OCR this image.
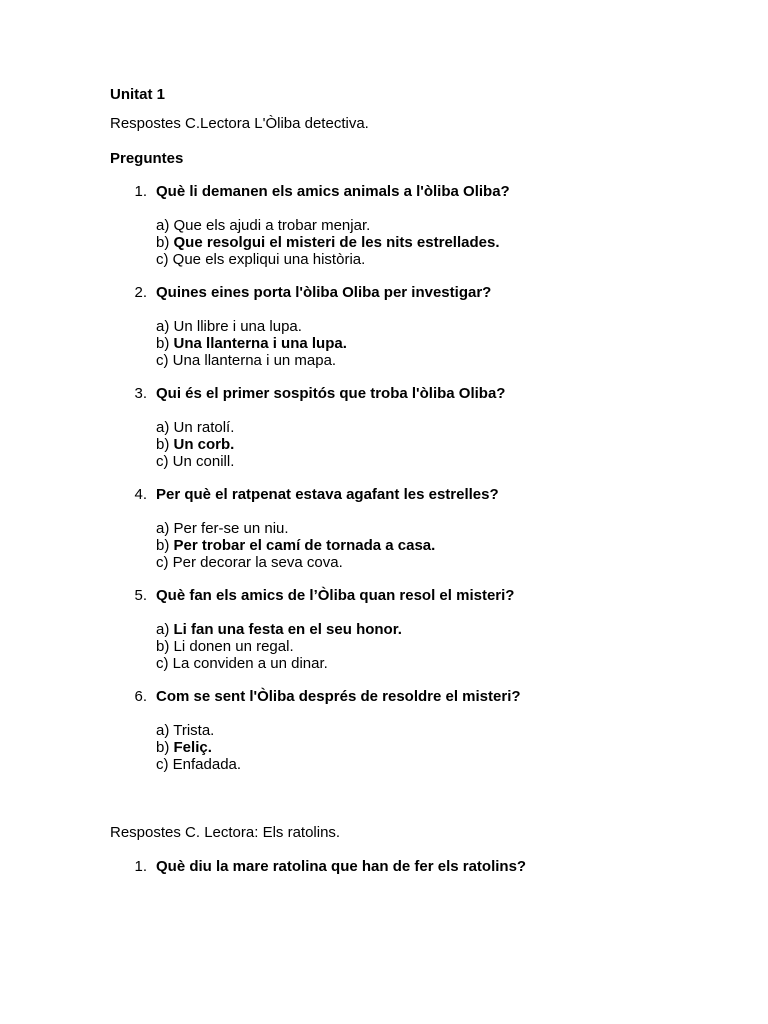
Unitat 1
Respostes C.Lectora L'Òliba detectiva.
Preguntes
1. Què li demanen els amics animals a l'òliba Oliba?
a) Que els ajudi a trobar menjar.
b) Que resolgui el misteri de les nits estrellades.
c) Que els expliqui una història.
2. Quines eines porta l'òliba Oliba per investigar?
a) Un llibre i una lupa.
b) Una llanterna i una lupa.
c) Una llanterna i un mapa.
3. Qui és el primer sospitós que troba l'òliba Oliba?
a) Un ratolí.
b) Un corb.
c) Un conill.
4. Per què el ratpenat estava agafant les estrelles?
a) Per fer-se un niu.
b) Per trobar el camí de tornada a casa.
c) Per decorar la seva cova.
5. Què fan els amics de l’Òliba quan resol el misteri?
a) Li fan una festa en el seu honor.
b) Li donen un regal.
c) La conviden a un dinar.
6. Com se sent l'Òliba després de resoldre el misteri?
a) Trista.
b) Feliç.
c) Enfadada.
Respostes C. Lectora: Els ratolins.
1. Què diu la mare ratolina que han de fer els ratolins?
